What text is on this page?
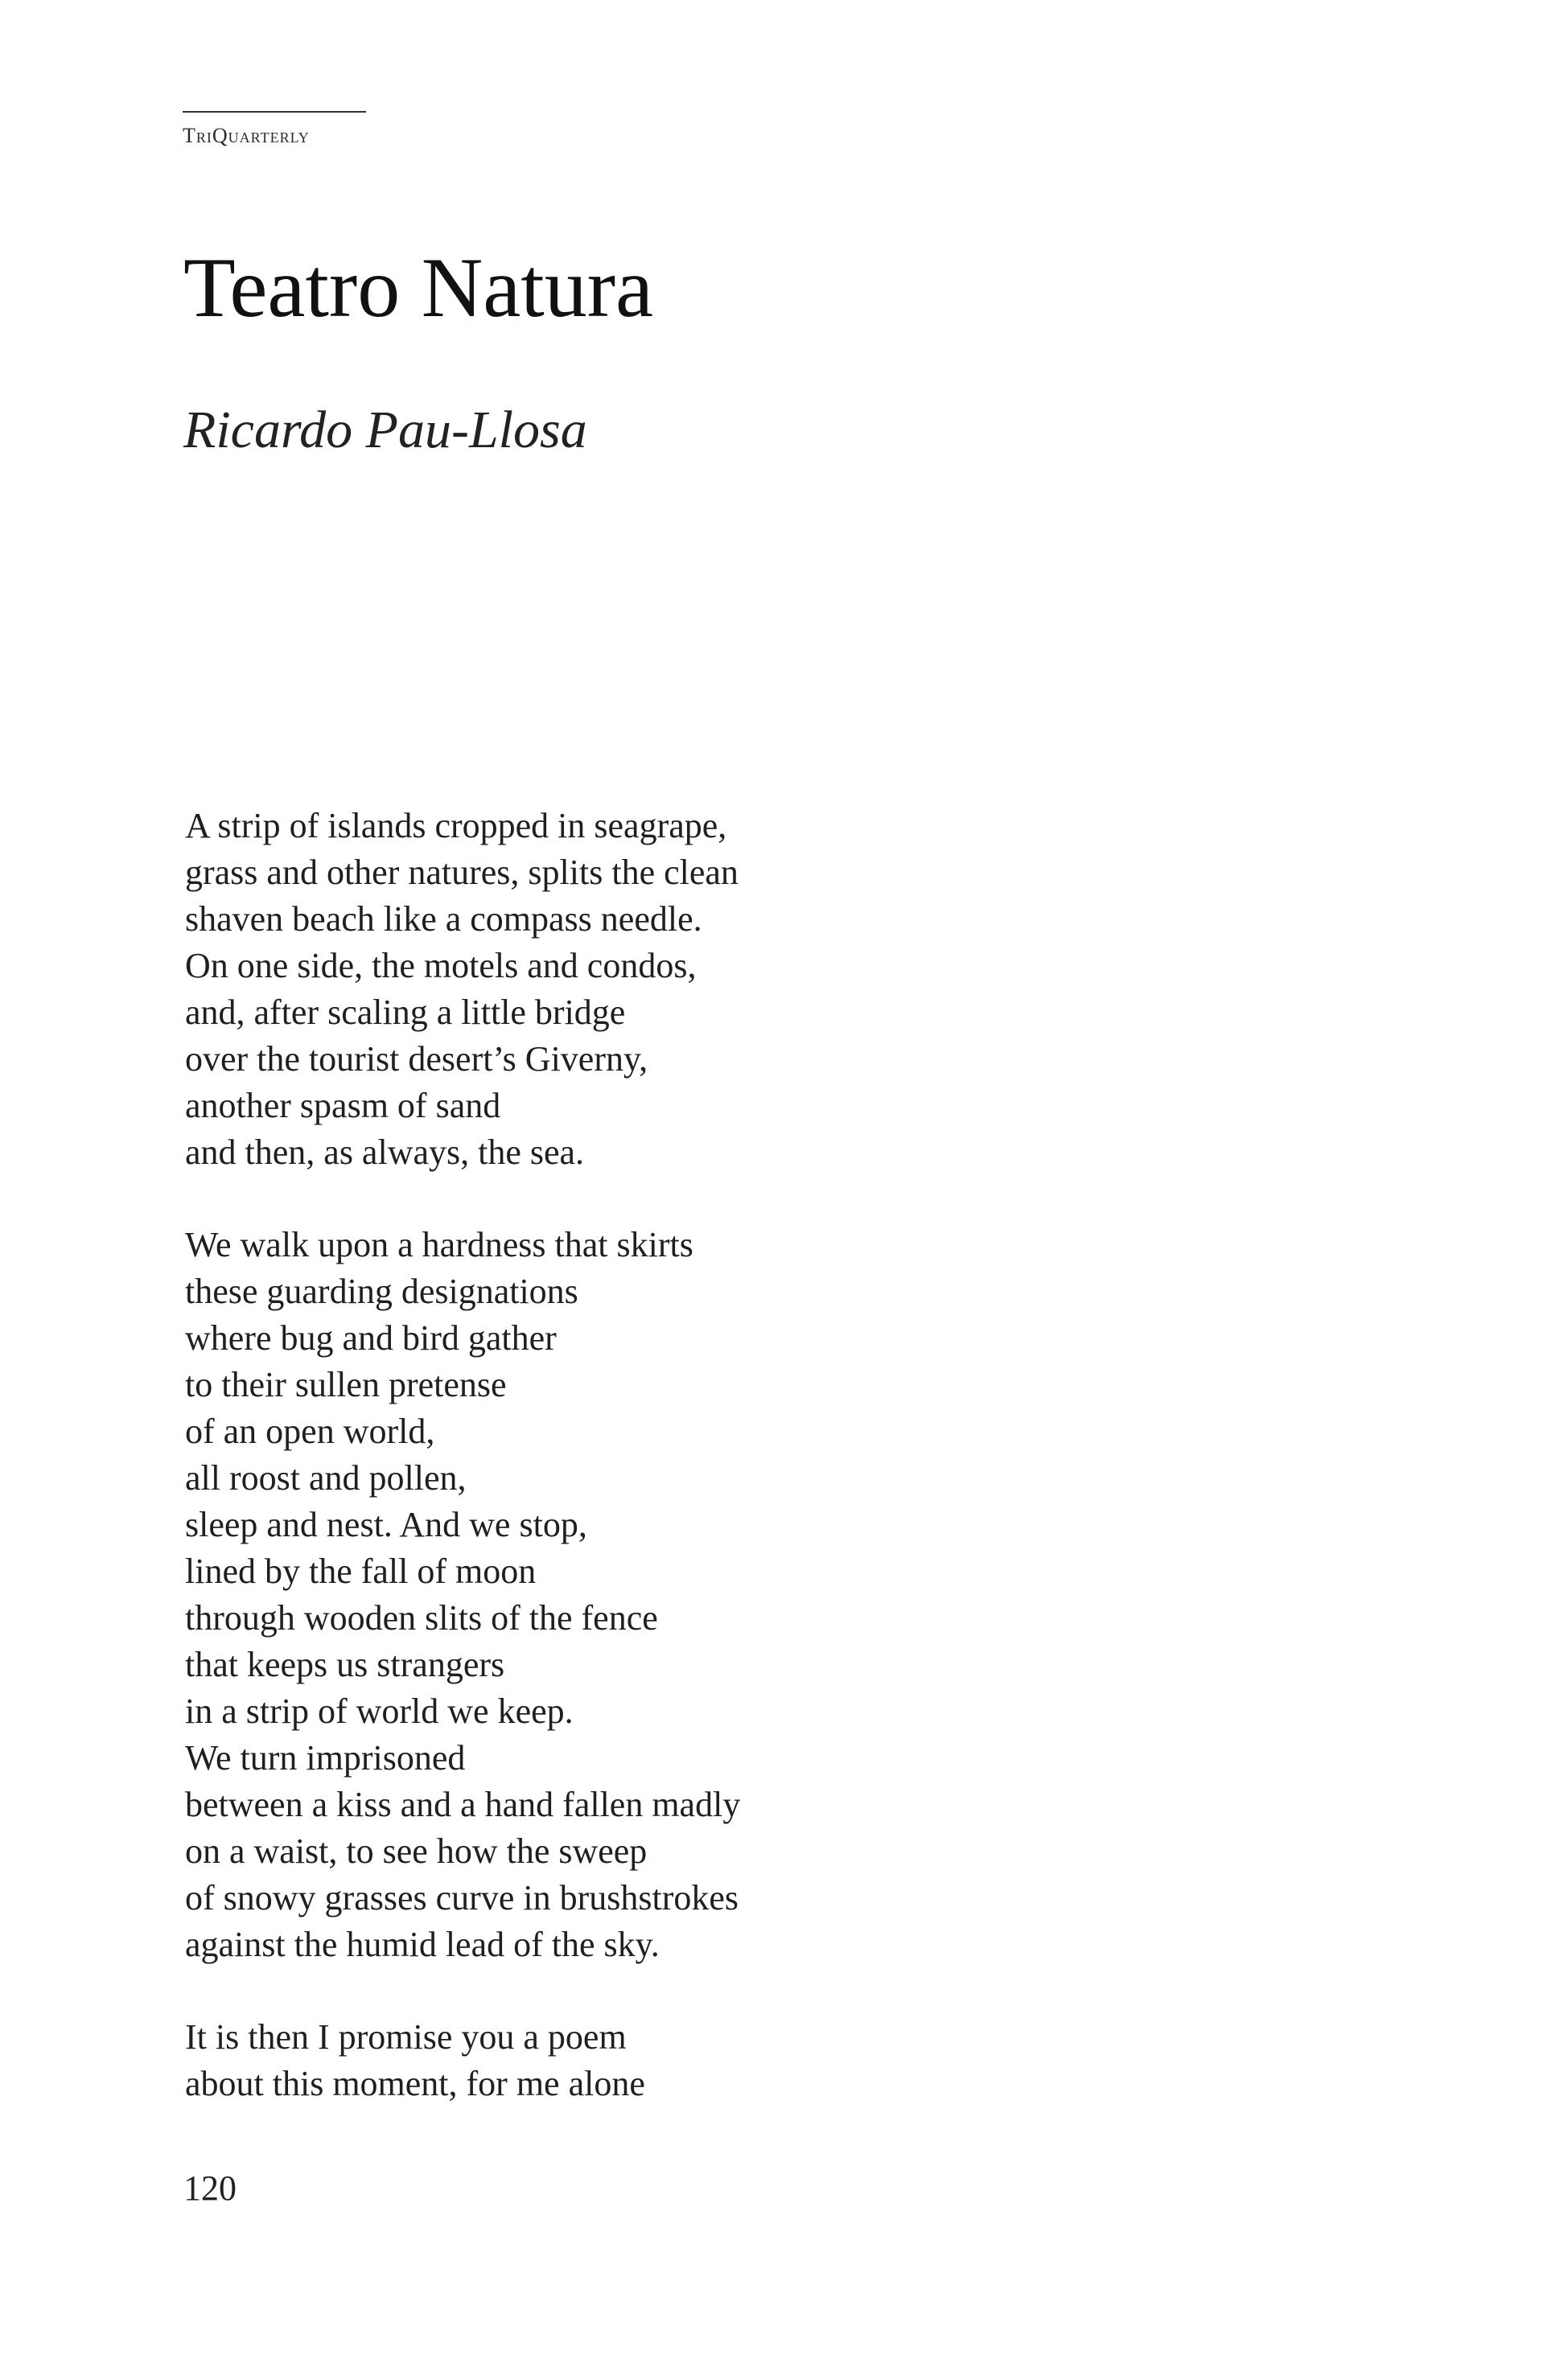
TriQuarterly
Teatro Natura
Ricardo Pau-Llosa
A strip of islands cropped in seagrape,
grass and other natures, splits the clean
shaven beach like a compass needle.
On one side, the motels and condos,
and, after scaling a little bridge
over the tourist desert’s Giverny,
another spasm of sand
and then, as always, the sea.
We walk upon a hardness that skirts
these guarding designations
where bug and bird gather
to their sullen pretense
of an open world,
all roost and pollen,
sleep and nest. And we stop,
lined by the fall of moon
through wooden slits of the fence
that keeps us strangers
in a strip of world we keep.
We turn imprisoned
between a kiss and a hand fallen madly
on a waist, to see how the sweep
of snowy grasses curve in brushstrokes
against the humid lead of the sky.
It is then I promise you a poem
about this moment, for me alone
120
